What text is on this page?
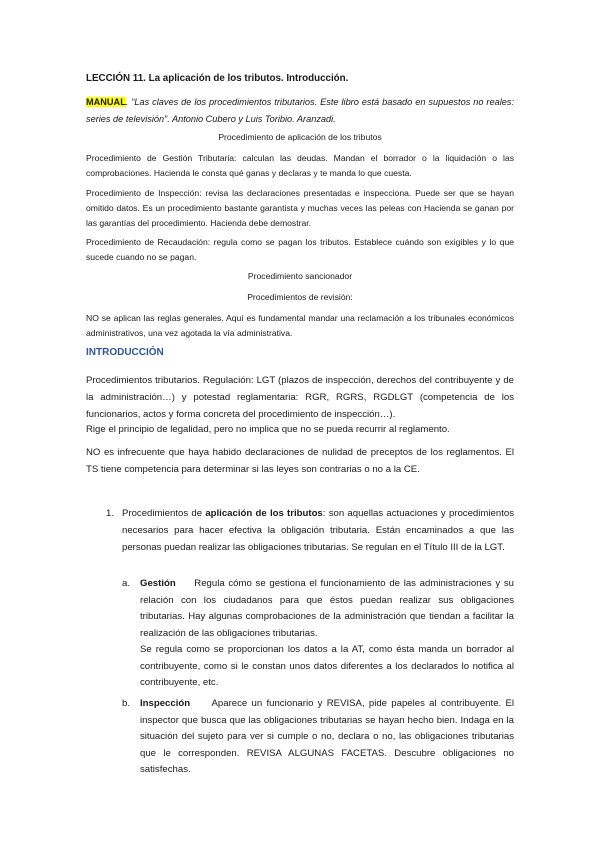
LECCIÓN 11. La aplicación de los tributos. Introducción.

MANUAL. “Las claves de los procedimientos tributarios. Este libro está basado en supuestos no reales: series de televisión”. Antonio Cubero y Luis Toribio. Aranzadi.

Procedimiento de aplicación de los tributos

Procedimiento de Gestión Tributaria: calculan las deudas. Mandan el borrador o la liquidación o las comprobaciones. Hacienda le consta qué ganas y declaras y te manda lo que cuesta.

Procedimiento de Inspección: revisa las declaraciones presentadas e inspecciona. Puede ser que se hayan omitido datos. Es un procedimiento bastante garantista y muchas veces las peleas con Hacienda se ganan por las garantías del procedimiento. Hacienda debe demostrar.

Procedimiento de Recaudación: regula como se pagan los tributos. Establece cuándo son exigibles y lo que sucede cuando no se pagan.

Procedimiento sancionador

Procedimientos de revisión:

NO se aplican las reglas generales. Aquí es fundamental mandar una reclamación a los tribunales económicos administrativos, una vez agotada la vía administrativa.

INTRODUCCIÓN

Procedimientos tributarios. Regulación: LGT (plazos de inspección, derechos del contribuyente y de la administración…) y potestad reglamentaria: RGR, RGRS, RGDLGT (competencia de los funcionarios, actos y forma concreta del procedimiento de inspección…).

Rige el principio de legalidad, pero no implica que no se pueda recurrir al reglamento.

NO es infrecuente que haya habido declaraciones de nulidad de preceptos de los reglamentos. El TS tiene competencia para determinar si las leyes son contrarias o no a la CE.

1. Procedimientos de aplicación de los tributos: son aquellas actuaciones y procedimientos necesarios para hacer efectiva la obligación tributaria. Están encaminados a que las personas puedan realizar las obligaciones tributarias. Se regulan en el Título III de la LGT.

a. Gestión Regula cómo se gestiona el funcionamiento de las administraciones y su relación con los ciudadanos para que éstos puedan realizar sus obligaciones tributarias. Hay algunas comprobaciones de la administración que tiendan a facilitar la realización de las obligaciones tributarias.
Se regula como se proporcionan los datos a la AT, como ésta manda un borrador al contribuyente, como si le constan unos datos diferentes a los declarados lo notifica al contribuyente, etc.
b. Inspección Aparece un funcionario y REVISA, pide papeles al contribuyente. El inspector que busca que las obligaciones tributarias se hayan hecho bien. Indaga en la situación del sujeto para ver si cumple o no, declara o no, las obligaciones tributarias que le corresponden. REVISA ALGUNAS FACETAS. Descubre obligaciones no satisfechas.
